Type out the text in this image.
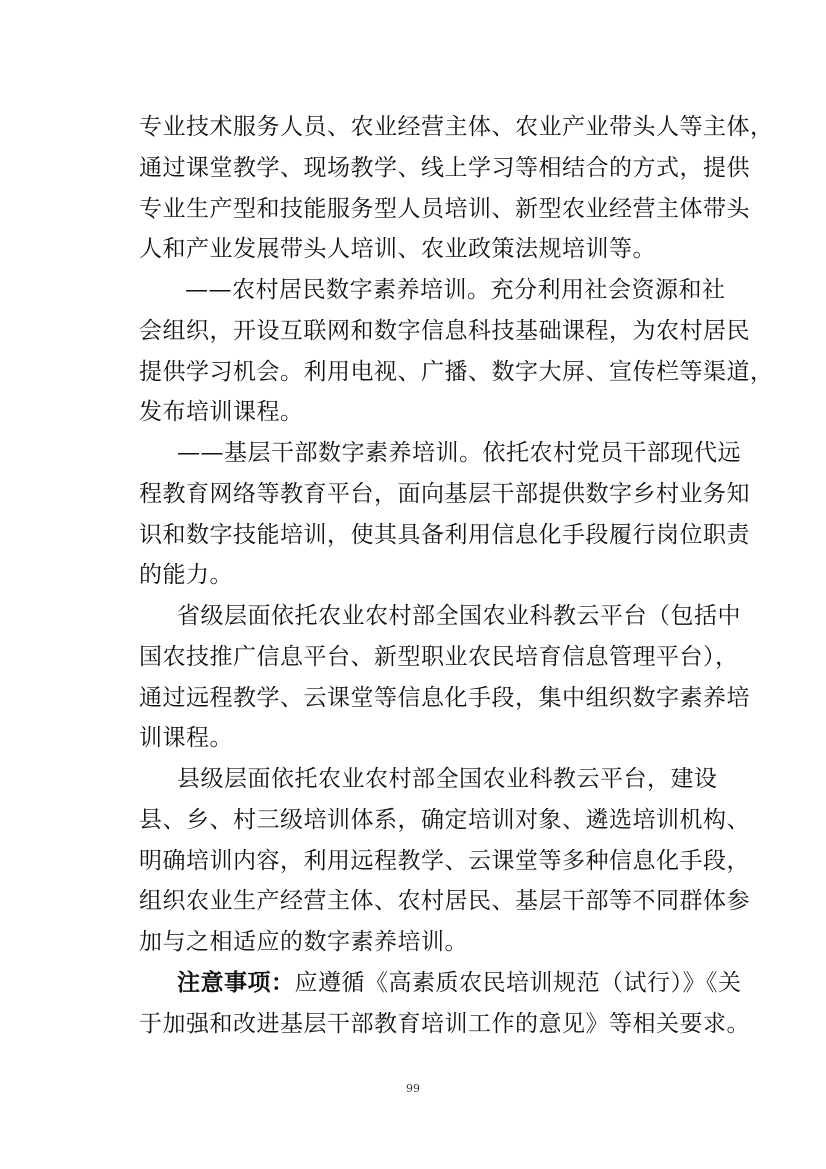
专业技术服务人员、农业经营主体、农业产业带头人等主体，
通过课堂教学、现场教学、线上学习等相结合的方式，提供
专业生产型和技能服务型人员培训、新型农业经营主体带头
人和产业发展带头人培训、农业政策法规培训等。
——农村居民数字素养培训。充分利用社会资源和社
会组织，开设互联网和数字信息科技基础课程，为农村居民
提供学习机会。利用电视、广播、数字大屏、宣传栏等渠道，
发布培训课程。
——基层干部数字素养培训。依托农村党员干部现代远
程教育网络等教育平台，面向基层干部提供数字乡村业务知
识和数字技能培训，使其具备利用信息化手段履行岗位职责
的能力。
省级层面依托农业农村部全国农业科教云平台（包括中
国农技推广信息平台、新型职业农民培育信息管理平台），
通过远程教学、云课堂等信息化手段，集中组织数字素养培
训课程。
县级层面依托农业农村部全国农业科教云平台，建设
县、乡、村三级培训体系，确定培训对象、遴选培训机构、
明确培训内容，利用远程教学、云课堂等多种信息化手段，
组织农业生产经营主体、农村居民、基层干部等不同群体参
加与之相适应的数字素养培训。
注意事项：应遵循《高素质农民培训规范（试行）》《关
于加强和改进基层干部教育培训工作的意见》等相关要求。
99
